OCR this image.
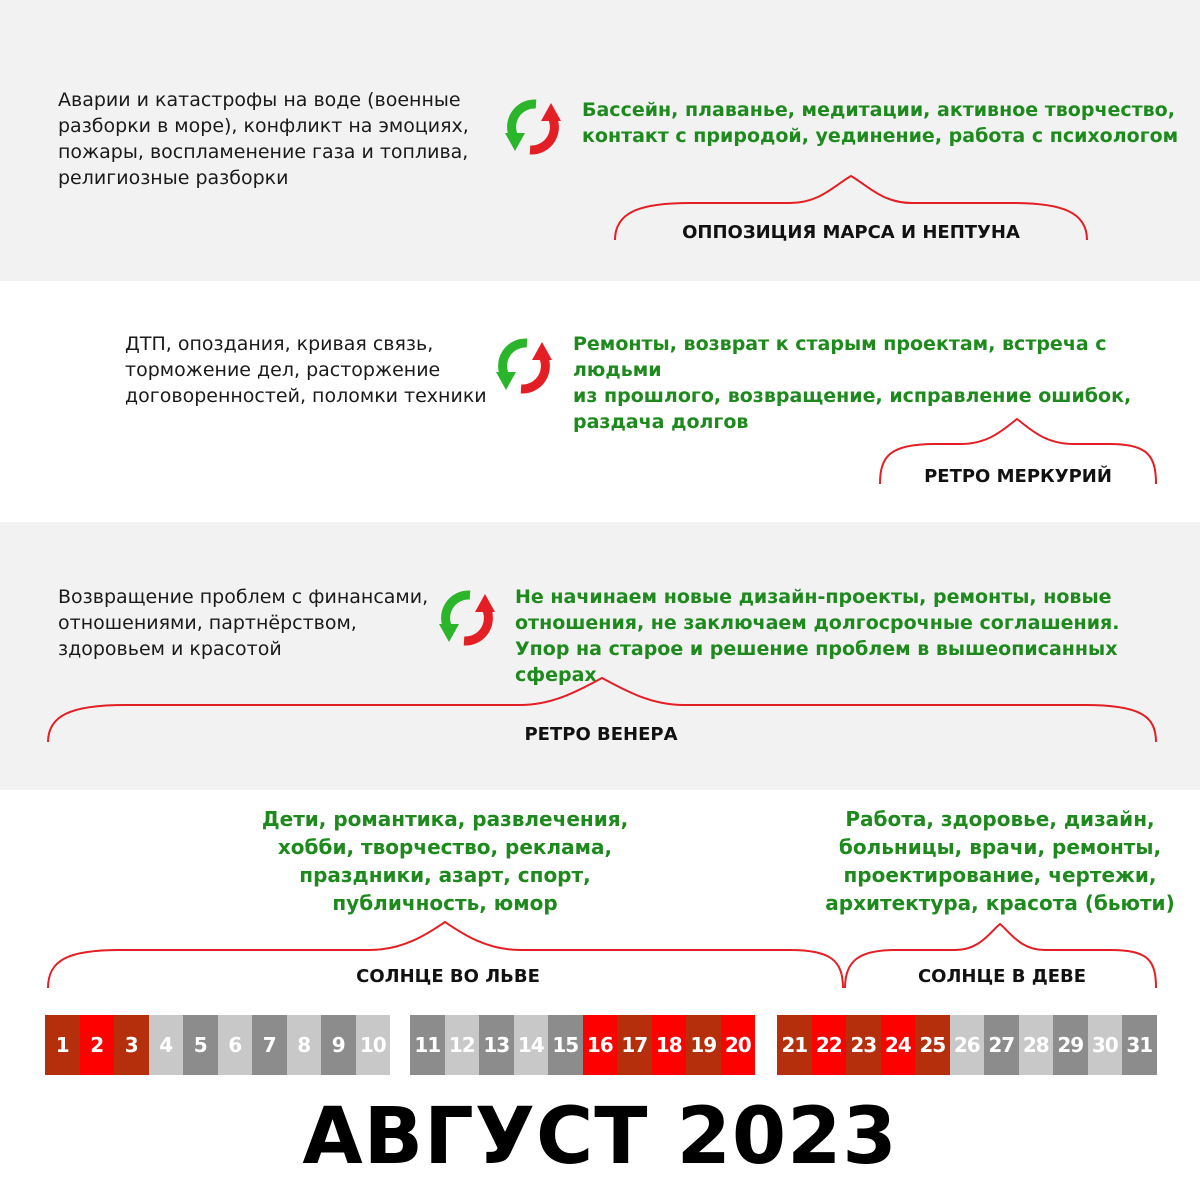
Аварии и катастрофы на воде (военные
разборки в море), конфликт на эмоциях,
пожары, воспламенение газа и топлива,
религиозные разборки
Бассейн, плаванье, медитации, активное творчество,
контакт с природой, уединение, работа с психологом
ОППОЗИЦИЯ МАРСА И НЕПТУНА
ДТП, опоздания, кривая связь,
торможение дел, расторжение
договоренностей, поломки техники
Ремонты, возврат к старым проектам, встреча с людьми
из прошлого, возвращение, исправление ошибок,
раздача долгов
РЕТРО МЕРКУРИЙ
Возвращение проблем с финансами,
отношениями, партнёрством,
здоровьем и красотой
Не начинаем новые дизайн-проекты, ремонты, новые
отношения, не заключаем долгосрочные соглашения.
Упор на старое и решение проблем в вышеописанных сферах
РЕТРО ВЕНЕРА
Дети, романтика, развлечения,
хобби, творчество, реклама,
праздники, азарт, спорт,
публичность, юмор
СОЛНЦЕ ВО ЛЬВЕ
Работа, здоровье, дизайн,
больницы, врачи, ремонты,
проектирование, чертежи,
архитектура, красота (бьюти)
СОЛНЦЕ В ДЕВЕ
1	2	3	4	5	6	7	8	9 10 11 12 13 14 15 16 17 18 19 20 21 22 23 24 25 26 27 28 29 30 31
АВГУСТ 2023
